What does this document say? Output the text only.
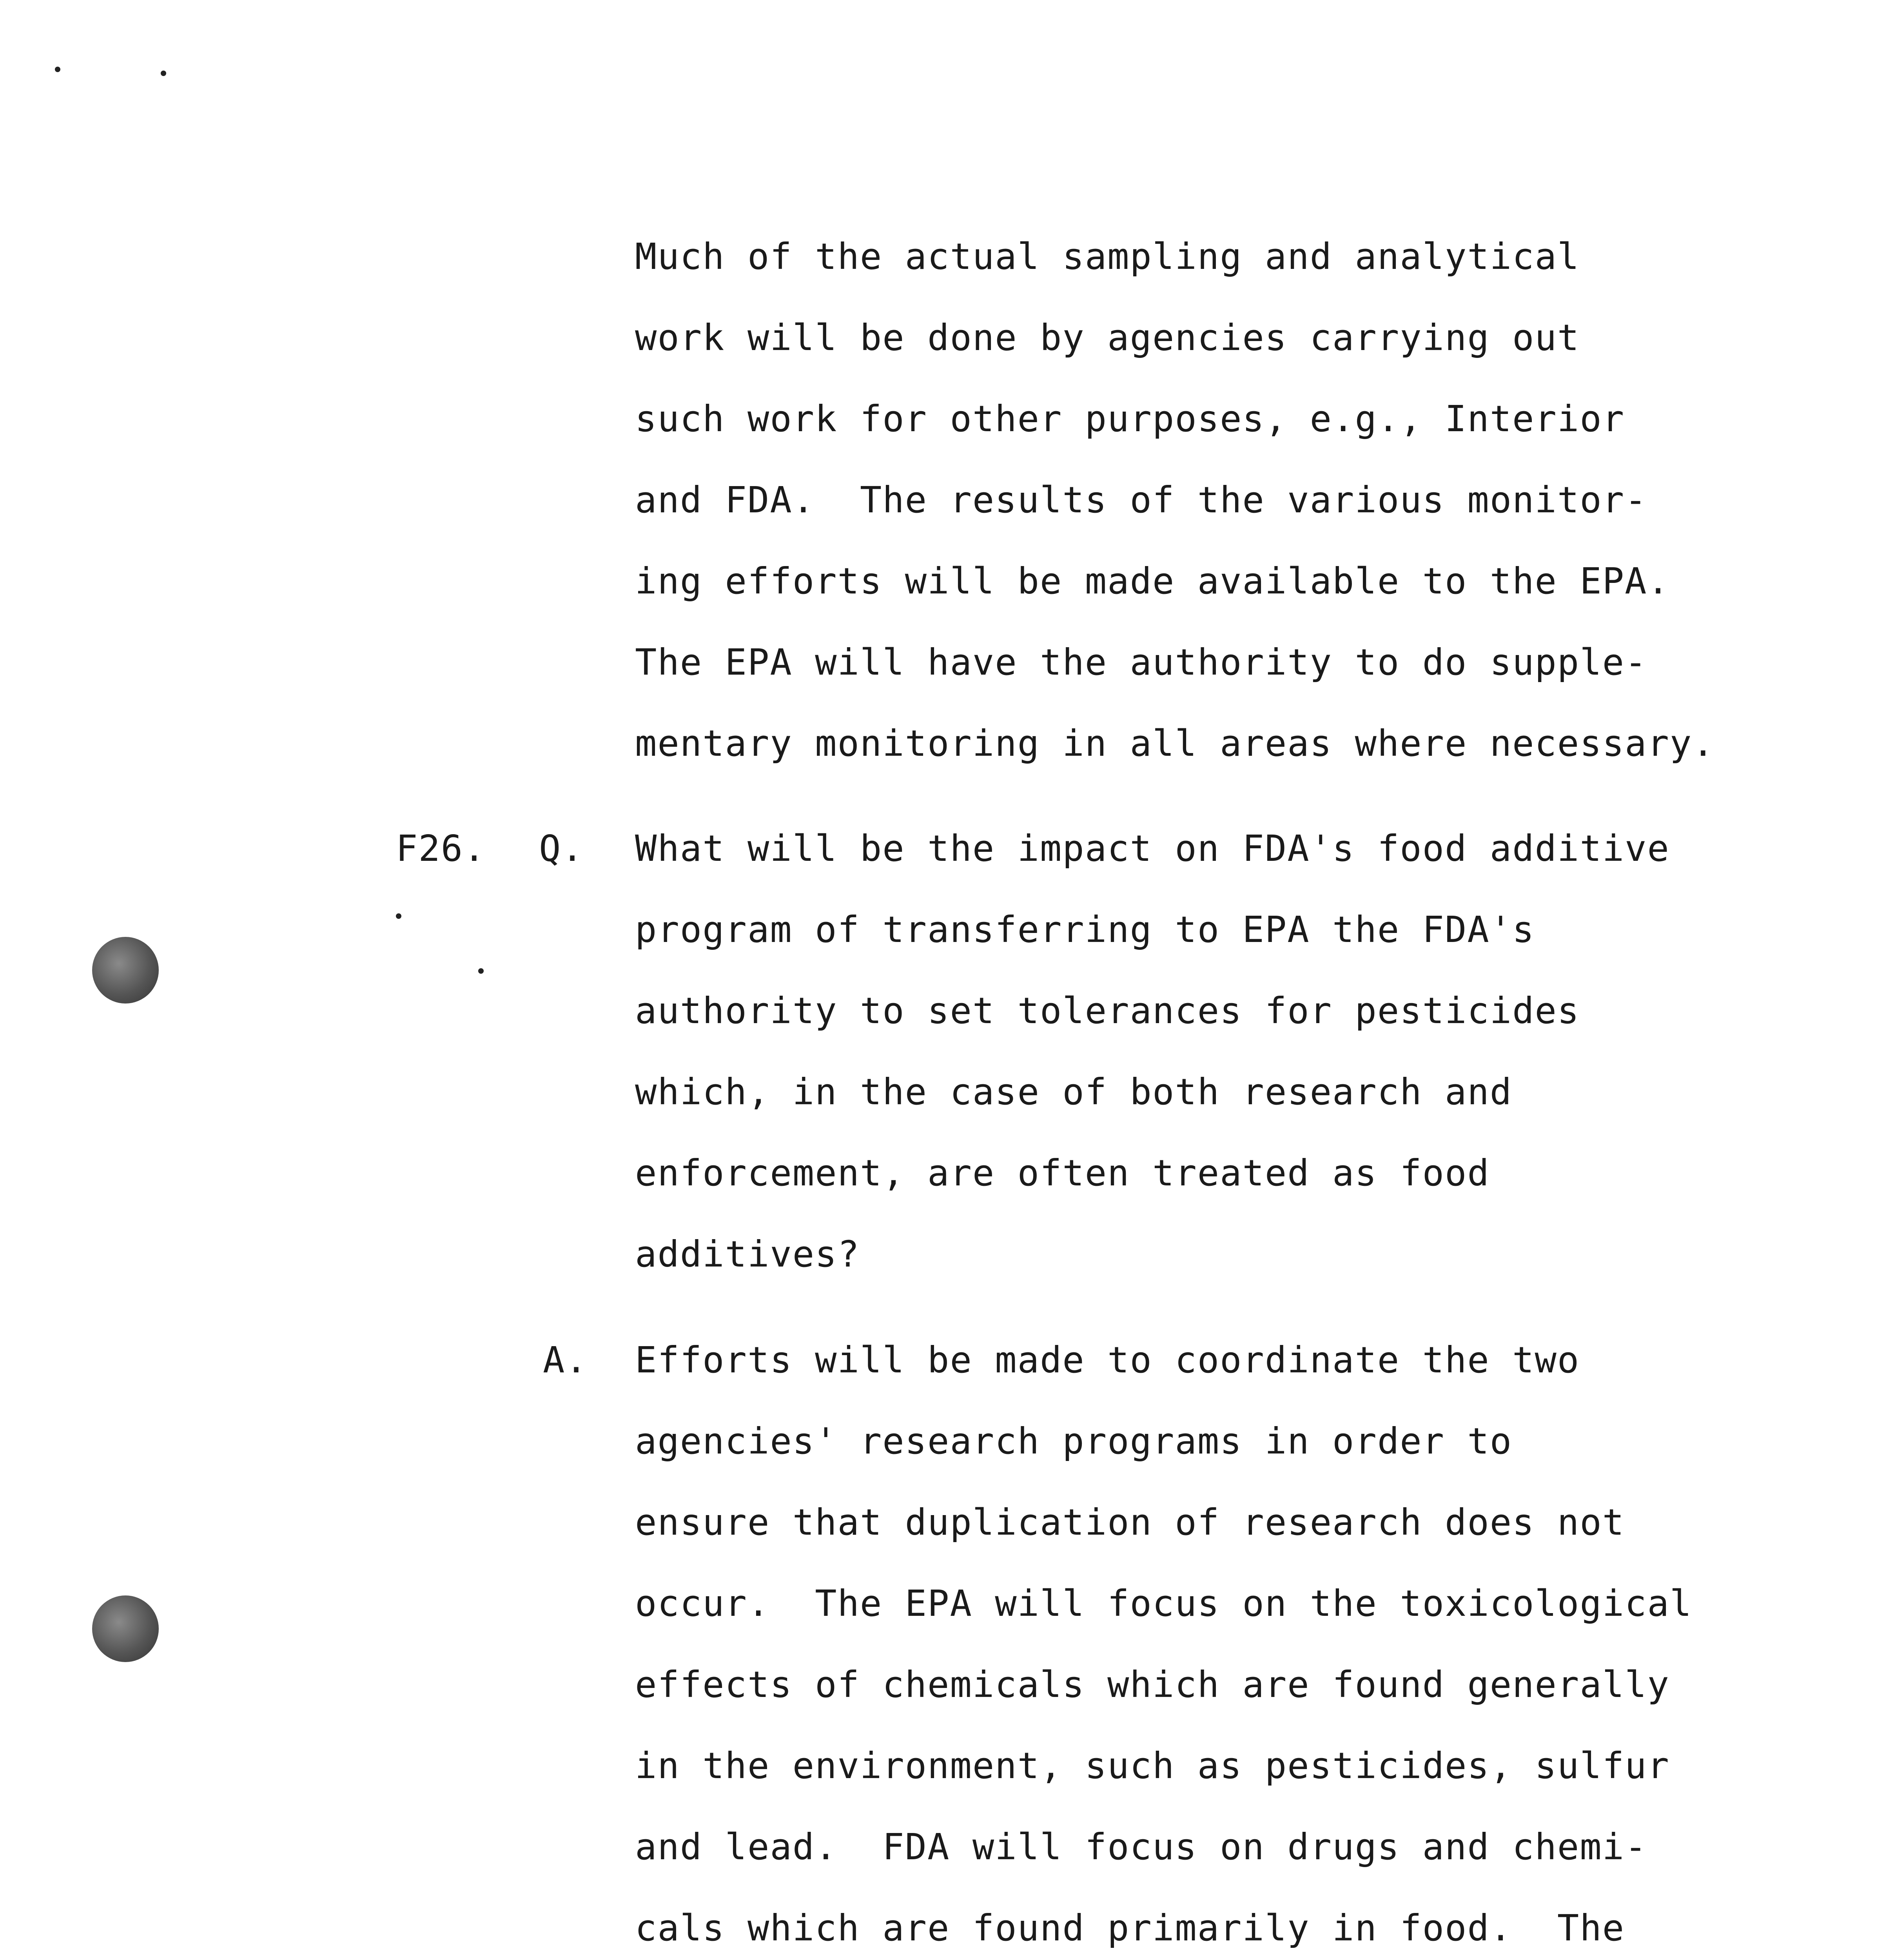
Much of the actual sampling and analytical
work will be done by agencies carrying out
such work for other purposes, e.g., Interior
and FDA.  The results of the various monitor-
ing efforts will be made available to the EPA.
The EPA will have the authority to do supple-
mentary monitoring in all areas where necessary.
F26. Q. What will be the impact on FDA's food additive
program of transferring to EPA the FDA's
authority to set tolerances for pesticides
which, in the case of both research and
enforcement, are often treated as food
additives?
A. Efforts will be made to coordinate the two
agencies' research programs in order to
ensure that duplication of research does not
occur.  The EPA will focus on the toxicological
effects of chemicals which are found generally
in the environment, such as pesticides, sulfur
and lead.  FDA will focus on drugs and chemi-
cals which are found primarily in food.  The
